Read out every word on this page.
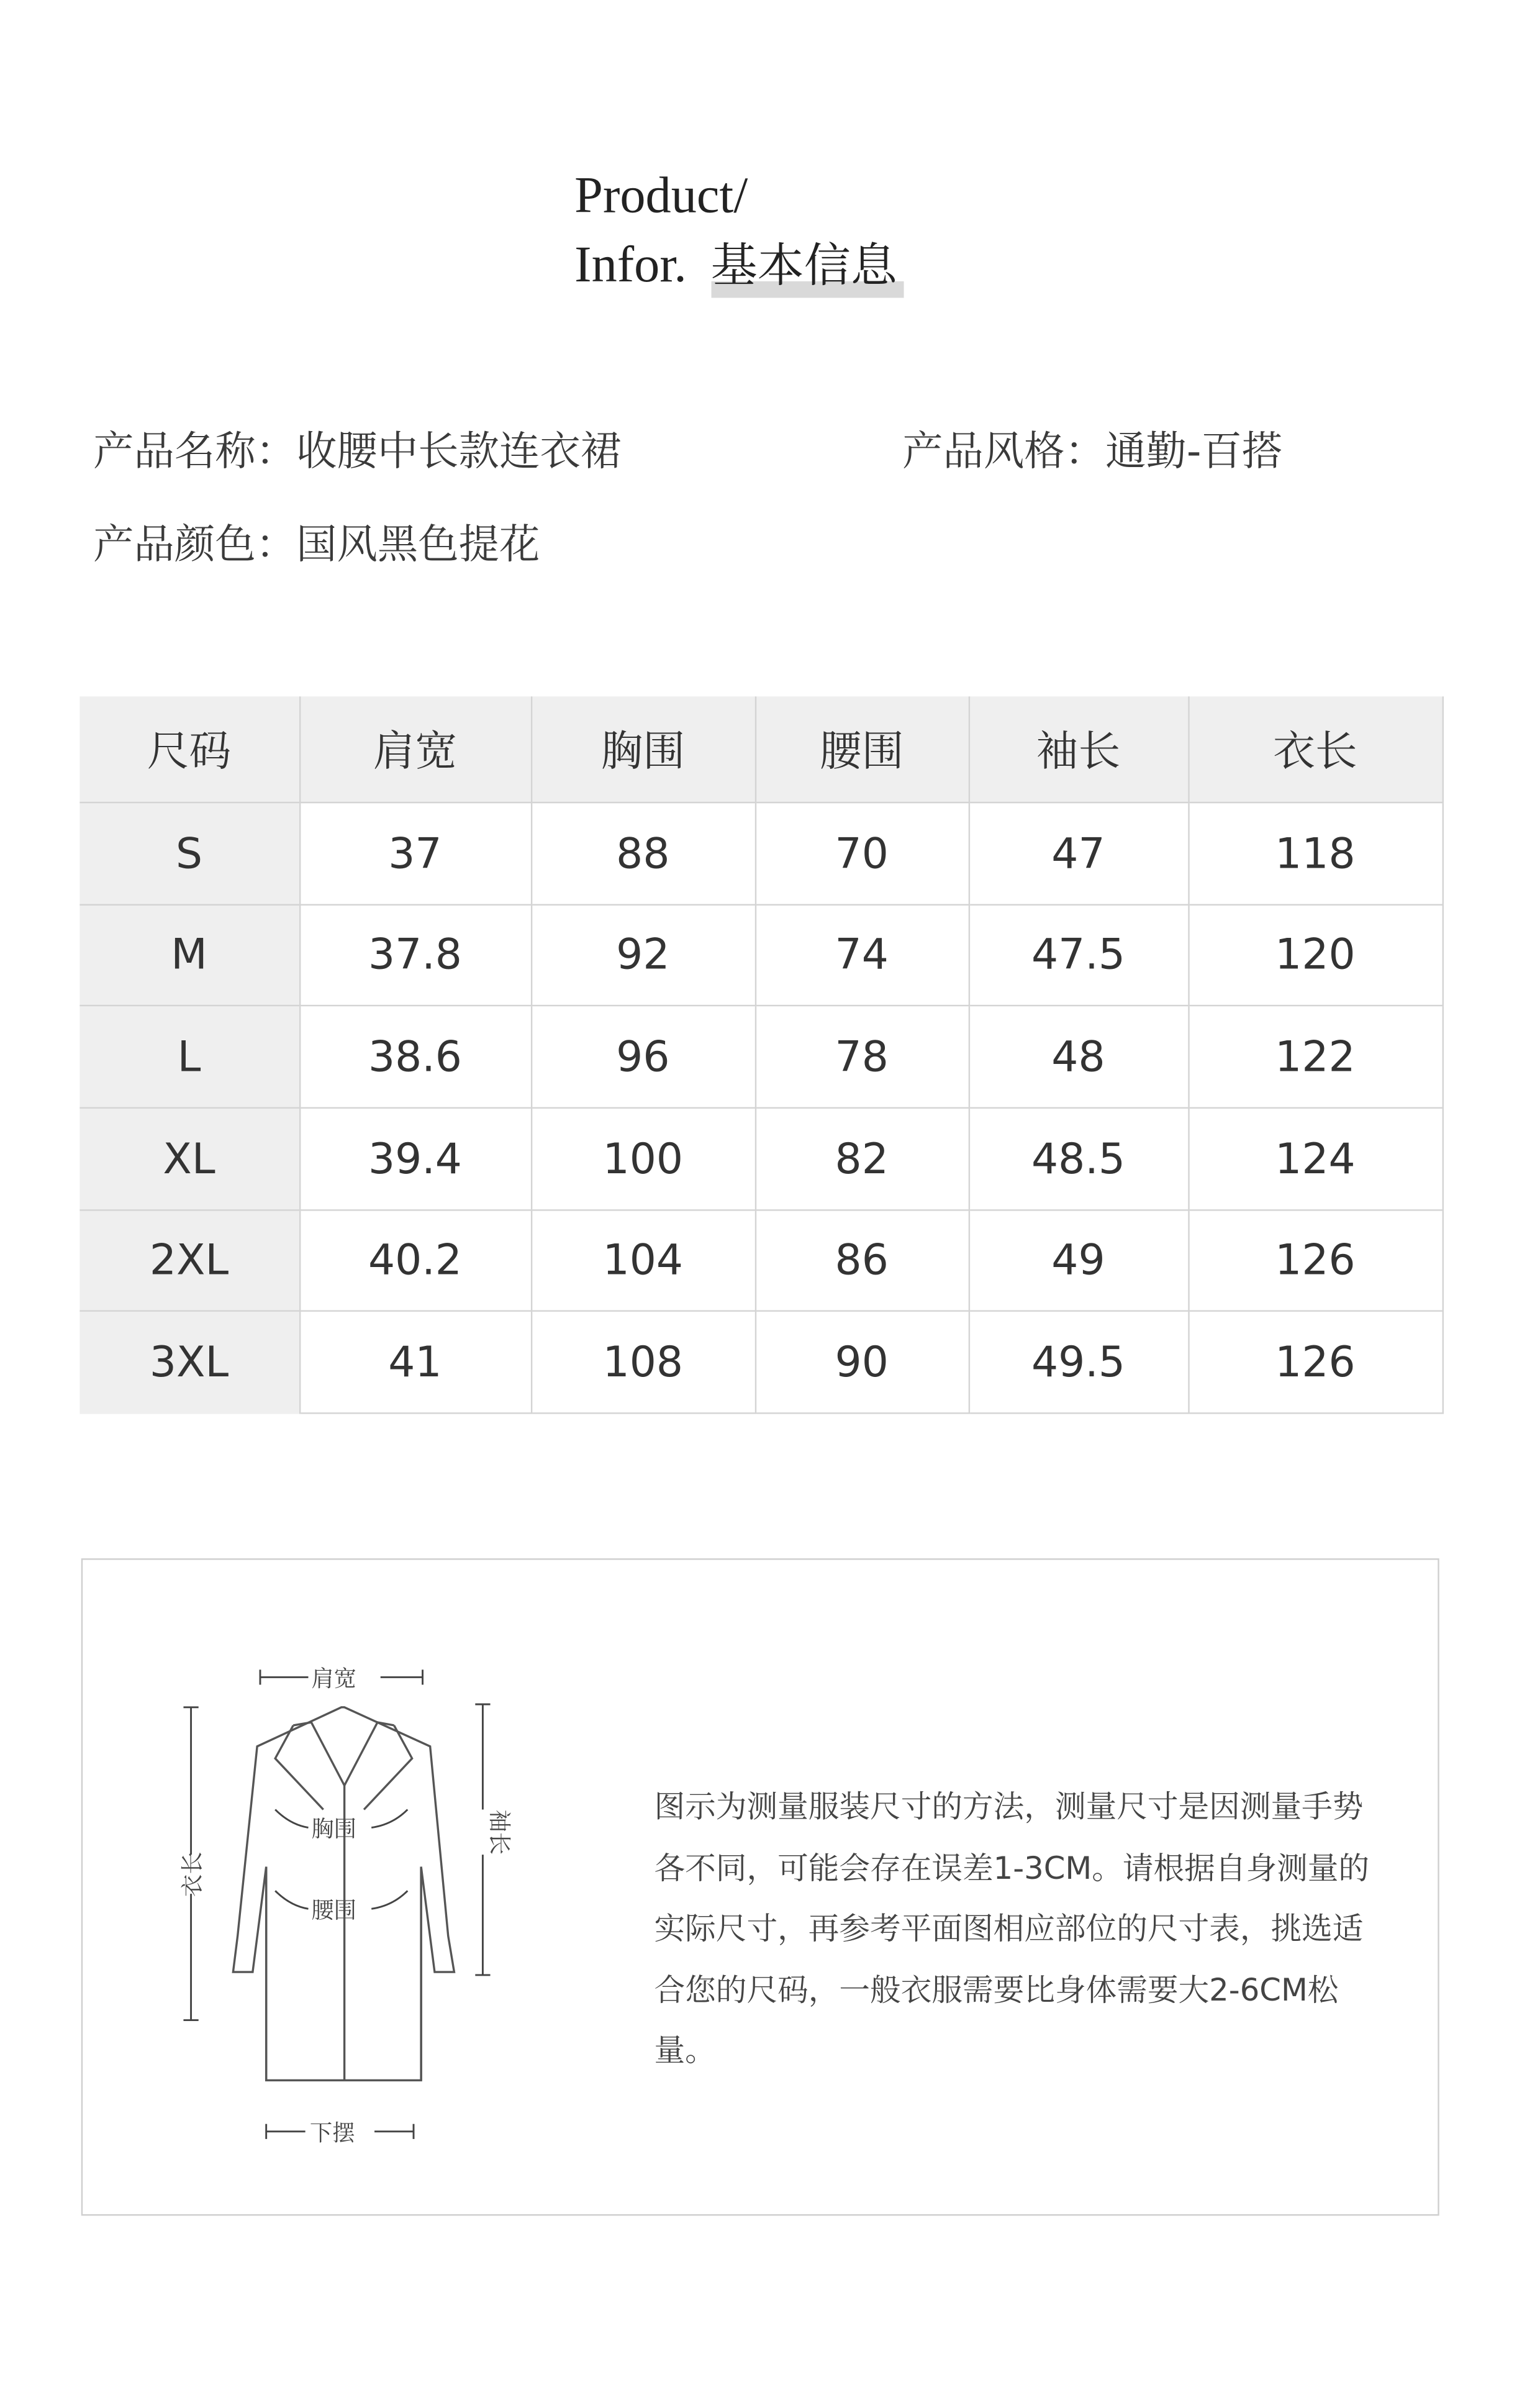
Product/
Infor. 基本信息
产品名称：收腰中长款连衣裙	产品风格：通勤-百搭
产品颜色：国风黑色提花
尺码	肩宽	胸围	腰围	袖长	衣长
S	37	88	70	47	118
M	37.8	92	74	47.5	120
L	38.6	96	78	48	122
XL	39.4	100	82	48.5	124
2XL	40.2	104	86	49	126
3XL	41	108	90	49.5	126
肩宽
胸围
腰围
下摆
衣长
袖长
图示为测量服装尺寸的方法，测量尺寸是因测量手势各不同，可能会存在误差1-3CM。请根据自身测量的实际尺寸，再参考平面图相应部位的尺寸表，挑选适合您的尺码，一般衣服需要比身体需要大2-6CM松量。
